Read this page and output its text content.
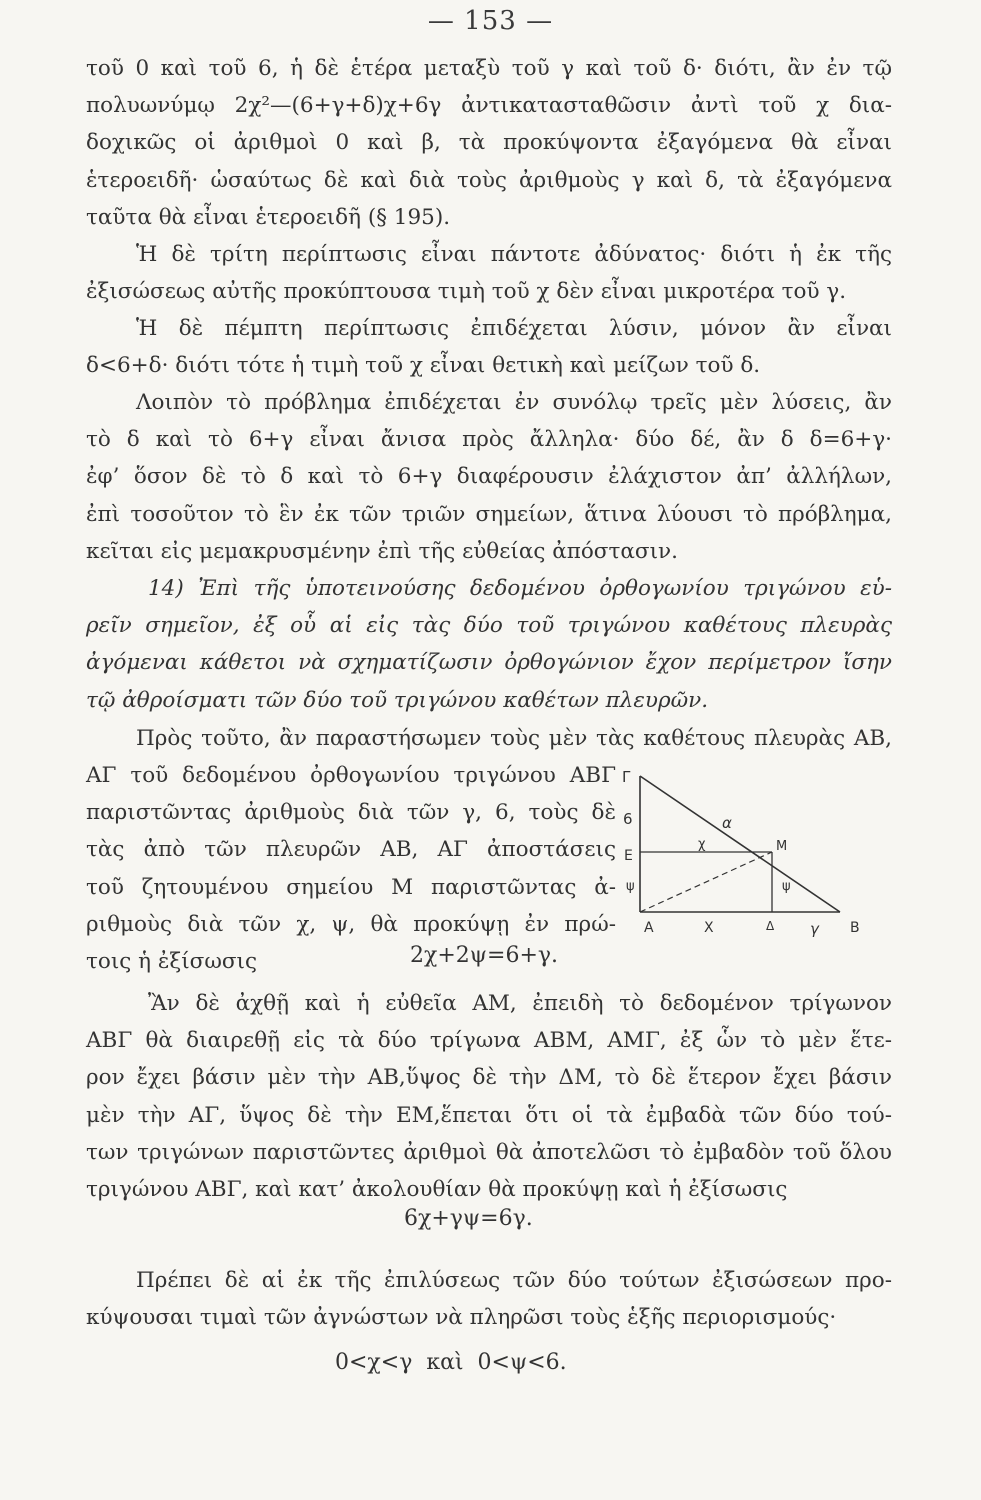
— 153 —
τοῦ 0 καὶ τοῦ 6, ἡ δὲ ἑτέρα μεταξὺ τοῦ γ καὶ τοῦ δ· διότι, ἂν ἐν τῷ
πολυωνύμῳ 2χ²—(6+γ+δ)χ+6γ ἀντικατασταθῶσιν ἀντὶ τοῦ χ δια-
δοχικῶς οἱ ἀριθμοὶ 0 καὶ β, τὰ προκύψοντα ἐξαγόμενα θὰ εἶναι
ἑτεροειδῆ· ὡσαύτως δὲ καὶ διὰ τοὺς ἀριθμοὺς γ καὶ δ, τὰ ἐξαγόμενα
ταῦτα θὰ εἶναι ἑτεροειδῆ (§ 195).
Ἡ δὲ τρίτη περίπτωσις εἶναι πάντοτε ἀδύνατος· διότι ἡ ἐκ τῆς
ἐξισώσεως αὐτῆς προκύπτουσα τιμὴ τοῦ χ δὲν εἶναι μικροτέρα τοῦ γ.
Ἡ δὲ πέμπτη περίπτωσις ἐπιδέχεται λύσιν, μόνον ἂν εἶναι
δ<6+δ· διότι τότε ἡ τιμὴ τοῦ χ εἶναι θετικὴ καὶ μείζων τοῦ δ.
Λοιπὸν τὸ πρόβλημα ἐπιδέχεται ἐν συνόλῳ τρεῖς μὲν λύσεις, ἂν
τὸ δ καὶ τὸ 6+γ εἶναι ἄνισα πρὸς ἄλληλα· δύο δέ, ἂν δ δ=6+γ·
ἐφ’ ὅσον δὲ τὸ δ καὶ τὸ 6+γ διαφέρουσιν ἐλάχιστον ἀπ’ ἀλλήλων,
ἐπὶ τοσοῦτον τὸ ἓν ἐκ τῶν τριῶν σημείων, ἅτινα λύουσι τὸ πρόβλημα,
κεῖται εἰς μεμακρυσμένην ἐπὶ τῆς εὐθείας ἀπόστασιν.
14) Ἐπὶ τῆς ὑποτεινούσης δεδομένου ὀρθογωνίου τριγώνου εὑ-
ρεῖν σημεῖον, ἐξ οὗ αἱ εἰς τὰς δύο τοῦ τριγώνου καθέτους πλευρὰς
ἀγόμεναι κάθετοι νὰ σχηματίζωσιν ὀρθογώνιον ἔχον περίμετρον ἴσην
τῷ ἀθροίσματι τῶν δύο τοῦ τριγώνου καθέτων πλευρῶν.
Πρὸς τοῦτο, ἂν παραστήσωμεν τοὺς μὲν τὰς καθέτους πλευρὰς ΑΒ,
ΑΓ τοῦ δεδομένου ὀρθογωνίου τριγώνου ΑΒΓ
παριστῶντας ἀριθμοὺς διὰ τῶν γ, 6, τοὺς δὲ
τὰς ἀπὸ τῶν πλευρῶν ΑΒ, ΑΓ ἀποστάσεις
τοῦ ζητουμένου σημείου Μ παριστῶντας ἀ-
ριθμοὺς διὰ τῶν χ, ψ, θὰ προκύψῃ ἐν πρώ-
τοις ἡ ἐξίσωσις	2χ+2ψ=6+γ.
Γ
6	α
Ε
ψ
χ	Μ
ψ
Α	Χ	Δ γ Β
Ἂν δὲ ἀχθῇ καὶ ἡ εὐθεῖα ΑΜ, ἐπειδὴ τὸ δεδομένον τρίγωνον
ΑΒΓ θὰ διαιρεθῇ εἰς τὰ δύο τρίγωνα ΑΒΜ, ΑΜΓ, ἐξ ὧν τὸ μὲν ἕτε-
ρον ἔχει βάσιν μὲν τὴν ΑΒ,ὕψος δὲ τὴν ΔΜ, τὸ δὲ ἕτερον ἔχει βάσιν
μὲν τὴν ΑΓ, ὕψος δὲ τὴν ΕΜ,ἕπεται ὅτι οἱ τὰ ἐμβαδὰ τῶν δύο τού-
των τριγώνων παριστῶντες ἀριθμοὶ θὰ ἀποτελῶσι τὸ ἐμβαδὸν τοῦ ὅλου
τριγώνου ΑΒΓ, καὶ κατ’ ἀκολουθίαν θὰ προκύψῃ καὶ ἡ ἐξίσωσις
6χ+γψ=6γ.
Πρέπει δὲ αἱ ἐκ τῆς ἐπιλύσεως τῶν δύο τούτων ἐξισώσεων προ-
κύψουσαι τιμαὶ τῶν ἀγνώστων νὰ πληρῶσι τοὺς ἑξῆς περιορισμούς·
0<χ<γ  καὶ  0<ψ<6.
